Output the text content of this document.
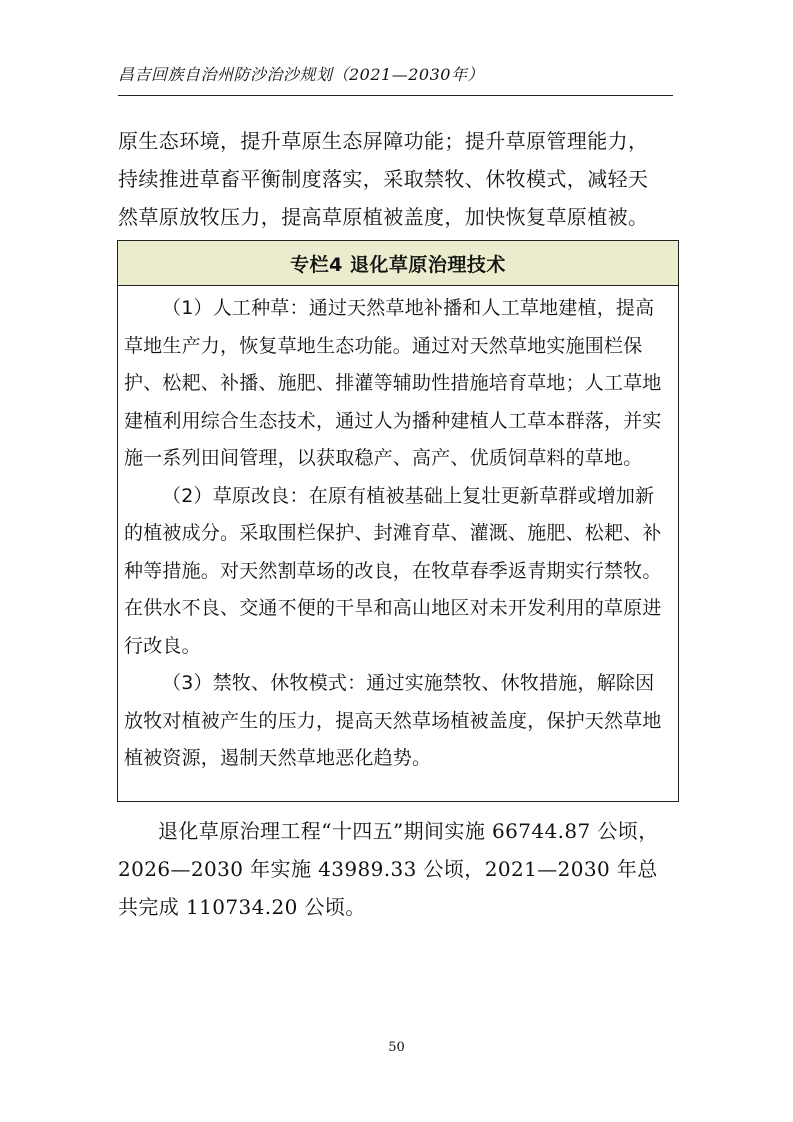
昌吉回族自治州防沙治沙规划（2021—2030年）

原生态环境，提升草原生态屏障功能；提升草原管理能力，

持续推进草畜平衡制度落实，采取禁牧、休牧模式，减轻天

然草原放牧压力，提高草原植被盖度，加快恢复草原植被。

专栏4 退化草原治理技术

（1）人工种草：通过天然草地补播和人工草地建植，提高草地生产力，恢复草地生态功能。通过对天然草地实施围栏保护、松耙、补播、施肥、排灌等辅助性措施培育草地；人工草地建植利用综合生态技术，通过人为播种建植人工草本群落，并实施一系列田间管理，以获取稳产、高产、优质饲草料的草地。

（2）草原改良：在原有植被基础上复壮更新草群或增加新的植被成分。采取围栏保护、封滩育草、灌溉、施肥、松耙、补种等措施。对天然割草场的改良，在牧草春季返青期实行禁牧。在供水不良、交通不便的干旱和高山地区对未开发利用的草原进行改良。

（3）禁牧、休牧模式：通过实施禁牧、休牧措施，解除因放牧对植被产生的压力，提高天然草场植被盖度，保护天然草地植被资源，遏制天然草地恶化趋势。

退化草原治理工程“十四五”期间实施 66744.87 公顷，2026—2030 年实施 43989.33 公顷，2021—2030 年总共完成 110734.20 公顷。

50
